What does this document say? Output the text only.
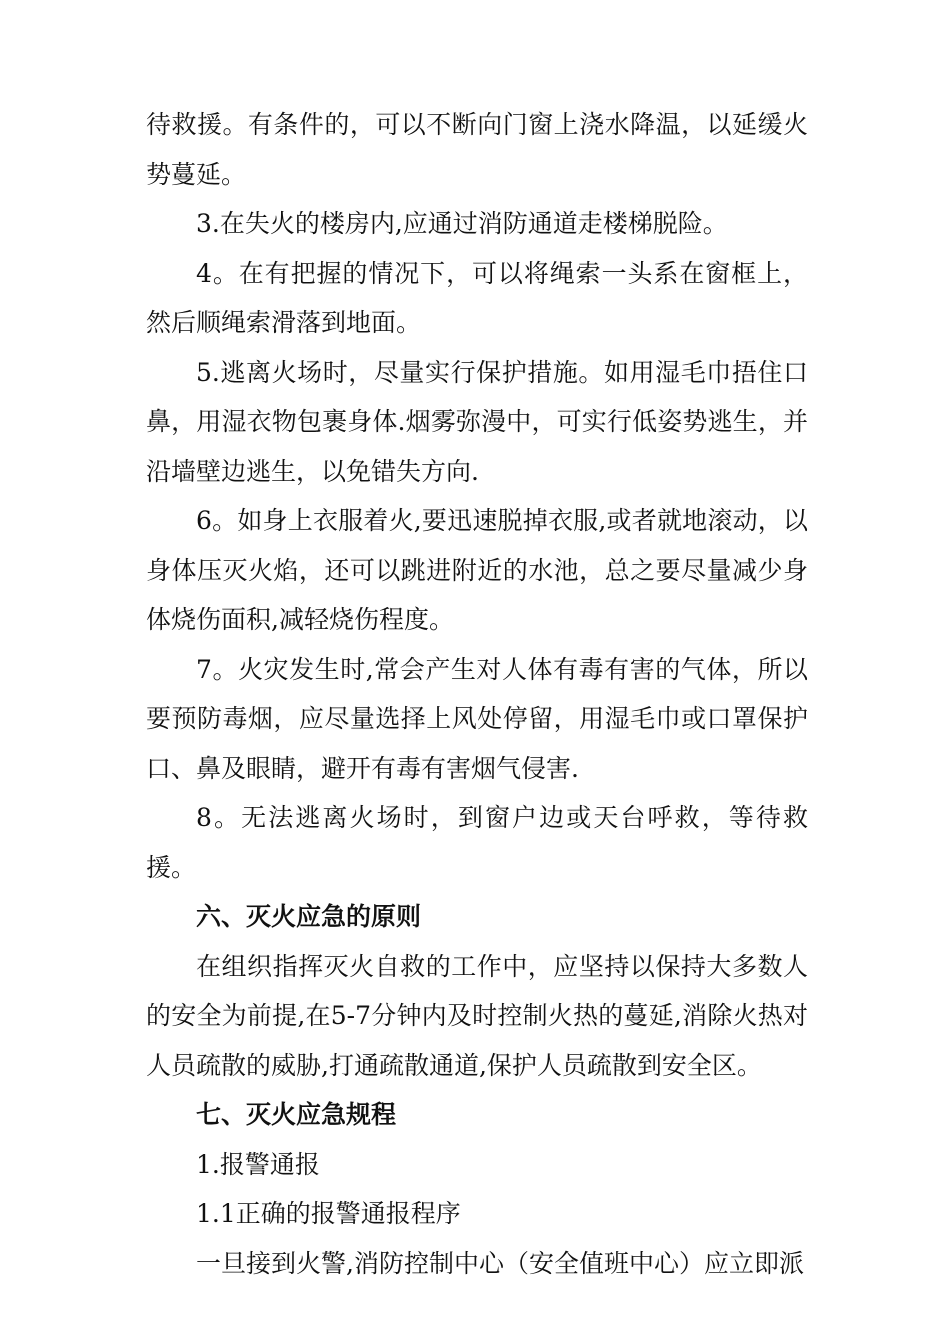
待救援。有条件的，可以不断向门窗上浇水降温，以延缓火势蔓延。

3.在失火的楼房内,应通过消防通道走楼梯脱险。

4。在有把握的情况下，可以将绳索一头系在窗框上，然后顺绳索滑落到地面。

5.逃离火场时，尽量实行保护措施。如用湿毛巾捂住口鼻，用湿衣物包裹身体.烟雾弥漫中，可实行低姿势逃生，并沿墙壁边逃生，以免错失方向.

6。如身上衣服着火,要迅速脱掉衣服,或者就地滚动，以身体压灭火焰，还可以跳进附近的水池，总之要尽量减少身体烧伤面积,减轻烧伤程度。

7。火灾发生时,常会产生对人体有毒有害的气体，所以要预防毒烟，应尽量选择上风处停留，用湿毛巾或口罩保护口、鼻及眼睛，避开有毒有害烟气侵害.

8。无法逃离火场时，到窗户边或天台呼救，等待救援。

六、灭火应急的原则

在组织指挥灭火自救的工作中，应坚持以保持大多数人的安全为前提,在5-7分钟内及时控制火热的蔓延,消除火热对人员疏散的威胁,打通疏散通道,保护人员疏散到安全区。

七、灭火应急规程

1.报警通报

1.1正确的报警通报程序

一旦接到火警,消防控制中心（安全值班中心）应立即派
